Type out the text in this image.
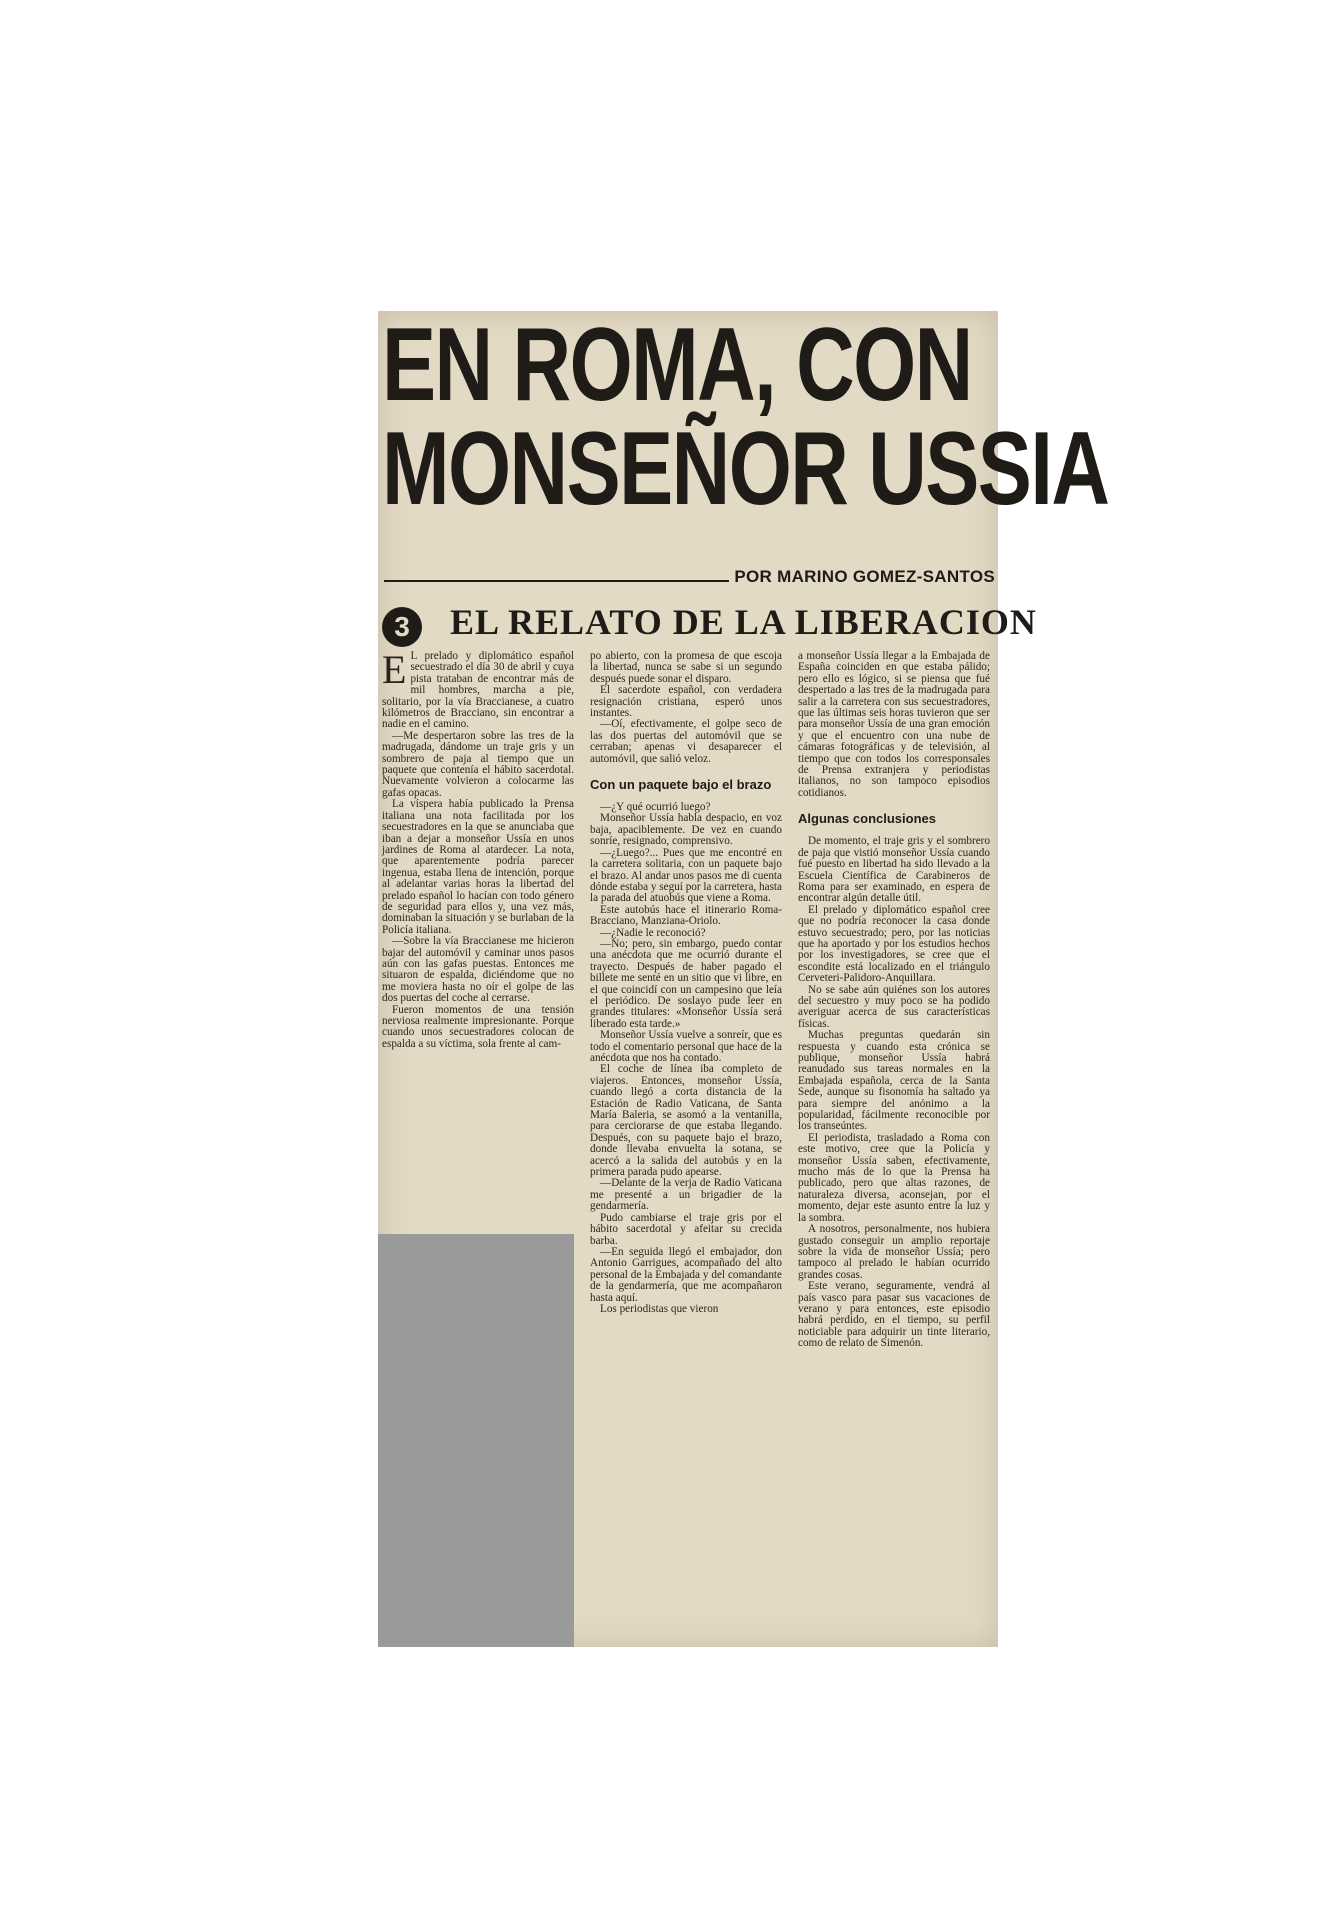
EN ROMA, CON
MONSEÑOR USSIA
POR MARINO GOMEZ-SANTOS
3	EL RELATO DE LA LIBERACION

E L prelado y diplomático español secuestrado el día 30 de abril y cuya pista trataban de encontrar más de mil hombres, marcha a pie, solitario, por la vía Braccianese, a cuatro kilómetros de Bracciano, sin encontrar a nadie en el camino.

—Me despertaron sobre las tres de la madrugada, dándome un traje gris y un sombrero de paja al tiempo que un paquete que contenía el hábito sacerdotal. Nuevamente volvieron a colocarme las gafas opacas.

La víspera había publicado la Prensa italiana una nota facilitada por los secuestradores en la que se anunciaba que iban a dejar a monseñor Ussía en unos jardines de Roma al atardecer. La nota, que aparentemente podría parecer ingenua, estaba llena de intención, porque al adelantar varias horas la libertad del prelado español lo hacían con todo género de seguridad para ellos y, una vez más, dominaban la situación y se burlaban de la Policía italiana.

—Sobre la vía Braccianese me hicieron bajar del automóvil y caminar unos pasos aún con las gafas puestas. Entonces me situaron de espalda, diciéndome que no me moviera hasta no oír el golpe de las dos puertas del coche al cerrarse.

Fueron momentos de una tensión nerviosa realmente impresionante. Porque cuando unos secuestradores colocan de espalda a su víctima, sola frente al cam-

po abierto, con la promesa de que escoja la libertad, nunca se sabe si un segundo después puede sonar el disparo.

El sacerdote español, con verdadera resignación cristiana, esperó unos instantes.

—Oí, efectivamente, el golpe seco de las dos puertas del automóvil que se cerraban; apenas vi desaparecer el automóvil, que salió veloz.

Con un paquete bajo el brazo

—¿Y qué ocurrió luego?

Monseñor Ussía habla despacio, en voz baja, apaciblemente. De vez en cuando sonríe, resignado, comprensivo.

—¿Luego?... Pues que me encontré en la carretera solitaria, con un paquete bajo el brazo. Al andar unos pasos me di cuenta dónde estaba y seguí por la carretera, hasta la parada del atuobús que viene a Roma.

Este autobús hace el itinerario Roma-Bracciano, Manziana-Oriolo.

—¿Nadie le reconoció?

—No; pero, sin embargo, puedo contar una anécdota que me ocurrió durante el trayecto. Después de haber pagado el billete me senté en un sitio que vi libre, en el que coincidí con un campesino que leía el periódico. De soslayo pude leer en grandes titulares: «Monseñor Ussía será liberado esta tarde.»

Monseñor Ussía vuelve a sonreír, que es todo el comentario personal que hace de la anécdota que nos ha contado.

El coche de línea iba completo de viajeros. Entonces, monseñor Ussía, cuando llegó a corta distancia de la Estación de Radio Vaticana, de Santa María Baleria, se asomó a la ventanilla, para cerciorarse de que estaba llegando. Después, con su paquete bajo el brazo, donde llevaba envuelta la sotana, se acercó a la salida del autobús y en la primera parada pudo apearse.

—Delante de la verja de Radio Vaticana me presenté a un brigadier de la gendarmería.

Pudo cambiarse el traje gris por el hábito sacerdotal y afeitar su crecida barba.

—En seguida llegó el embajador, don Antonio Garrigues, acompañado del alto personal de la Embajada y del comandante de la gendarmería, que me acompañaron hasta aquí.

Los periodistas que vieron

a monseñor Ussía llegar a la Embajada de España coinciden en que estaba pálido; pero ello es lógico, si se piensa que fué despertado a las tres de la madrugada para salir a la carretera con sus secuestradores, que las últimas seis horas tuvieron que ser para monseñor Ussía de una gran emoción y que el encuentro con una nube de cámaras fotográficas y de televisión, al tiempo que con todos los corresponsales de Prensa extranjera y periodistas italianos, no son tampoco episodios cotidianos.

Algunas conclusiones

De momento, el traje gris y el sombrero de paja que vistió monseñor Ussía cuando fué puesto en libertad ha sido llevado a la Escuela Científica de Carabineros de Roma para ser examinado, en espera de encontrar algún detalle útil.

El prelado y diplomático español cree que no podría reconocer la casa donde estuvo secuestrado; pero, por las noticias que ha aportado y por los estudios hechos por los investigadores, se cree que el escondite está localizado en el triángulo Cerveteri-Palidoro-Anquillara.

No se sabe aún quiénes son los autores del secuestro y muy poco se ha podido averiguar acerca de sus características físicas.

Muchas preguntas quedarán sin respuesta y cuando esta crónica se publique, monseñor Ussía habrá reanudado sus tareas normales en la Embajada española, cerca de la Santa Sede, aunque su fisonomía ha saltado ya para siempre del anónimo a la popularidad, fácilmente reconocible por los transeúntes.

El periodista, trasladado a Roma con este motivo, cree que la Policía y monseñor Ussía saben, efectivamente, mucho más de lo que la Prensa ha publicado, pero que altas razones, de naturaleza diversa, aconsejan, por el momento, dejar este asunto entre la luz y la sombra.

A nosotros, personalmente, nos hubiera gustado conseguir un amplio reportaje sobre la vida de monseñor Ussía; pero tampoco al prelado le habían ocurrido grandes cosas.

Este verano, seguramente, vendrá al país vasco para pasar sus vacaciones de verano y para entonces, este episodio habrá perdido, en el tiempo, su perfil noticiable para adquirir un tinte literario, como de relato de Simenón.
